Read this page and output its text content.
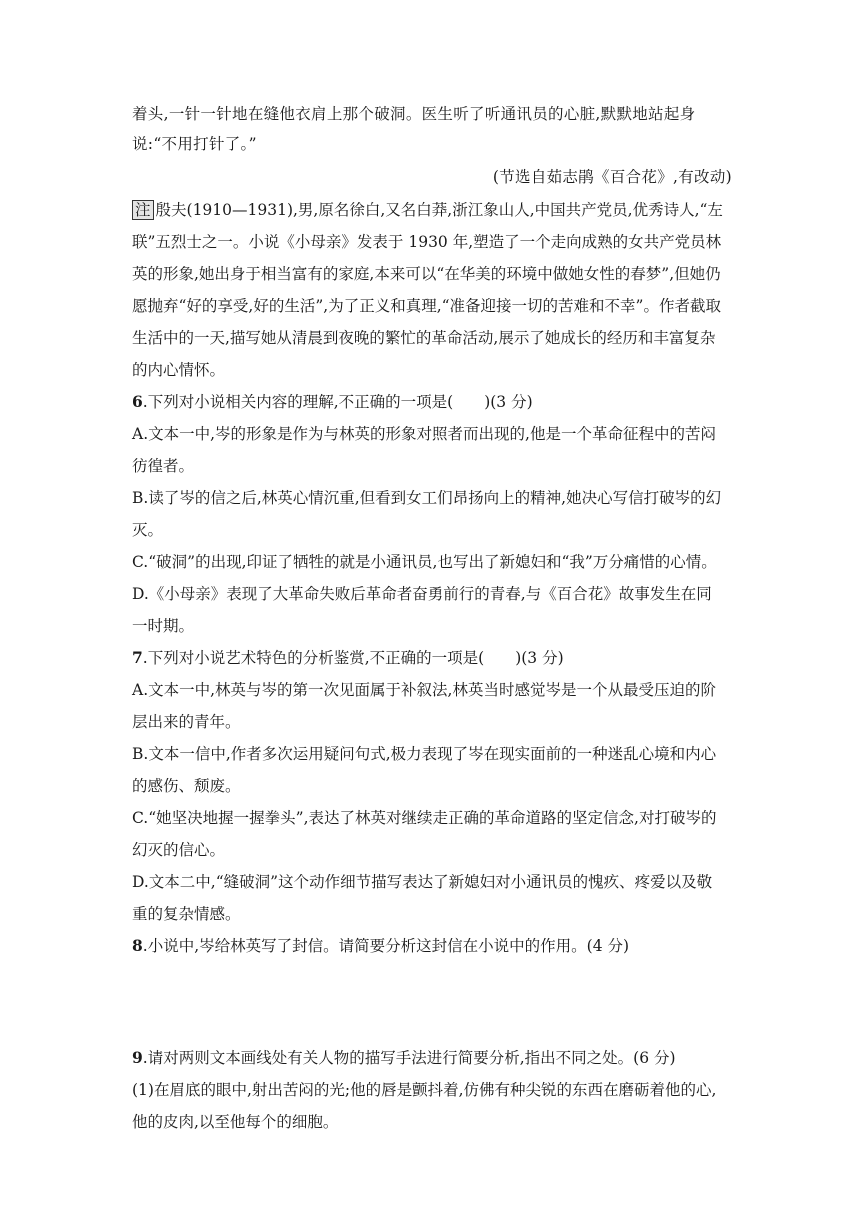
着头,一针一针地在缝他衣肩上那个破洞。医生听了听通讯员的心脏,默默地站起身
说:“不用打针了。”
(节选自茹志鹃《百合花》,有改动)
注 殷夫(1910—1931),男,原名徐白,又名白莽,浙江象山人,中国共产党员,优秀诗人,“左
联”五烈士之一。小说《小母亲》发表于 1930 年,塑造了一个走向成熟的女共产党员林
英的形象,她出身于相当富有的家庭,本来可以“在华美的环境中做她女性的春梦”,但她仍
愿抛弃“好的享受,好的生活”,为了正义和真理,“准备迎接一切的苦难和不幸”。作者截取
生活中的一天,描写她从清晨到夜晚的繁忙的革命活动,展示了她成长的经历和丰富复杂
的内心情怀。
6.下列对小说相关内容的理解,不正确的一项是(　　)(3 分)
A.文本一中,岑的形象是作为与林英的形象对照者而出现的,他是一个革命征程中的苦闷
彷徨者。
B.读了岑的信之后,林英心情沉重,但看到女工们昂扬向上的精神,她决心写信打破岑的幻
灭。
C.“破洞”的出现,印证了牺牲的就是小通讯员,也写出了新媳妇和“我”万分痛惜的心情。
D.《小母亲》表现了大革命失败后革命者奋勇前行的青春,与《百合花》故事发生在同
一时期。
7.下列对小说艺术特色的分析鉴赏,不正确的一项是(　　)(3 分)
A.文本一中,林英与岑的第一次见面属于补叙法,林英当时感觉岑是一个从最受压迫的阶
层出来的青年。
B.文本一信中,作者多次运用疑问句式,极力表现了岑在现实面前的一种迷乱心境和内心
的感伤、颓废。
C.“她坚决地握一握拳头”,表达了林英对继续走正确的革命道路的坚定信念,对打破岑的
幻灭的信心。
D.文本二中,“缝破洞”这个动作细节描写表达了新媳妇对小通讯员的愧疚、疼爱以及敬
重的复杂情感。
8.小说中,岑给林英写了封信。请简要分析这封信在小说中的作用。(4 分)
9.请对两则文本画线处有关人物的描写手法进行简要分析,指出不同之处。(6 分)
(1)在眉底的眼中,射出苦闷的光;他的唇是颤抖着,仿佛有种尖锐的东西在磨砺着他的心,
他的皮肉,以至他每个的细胞。
